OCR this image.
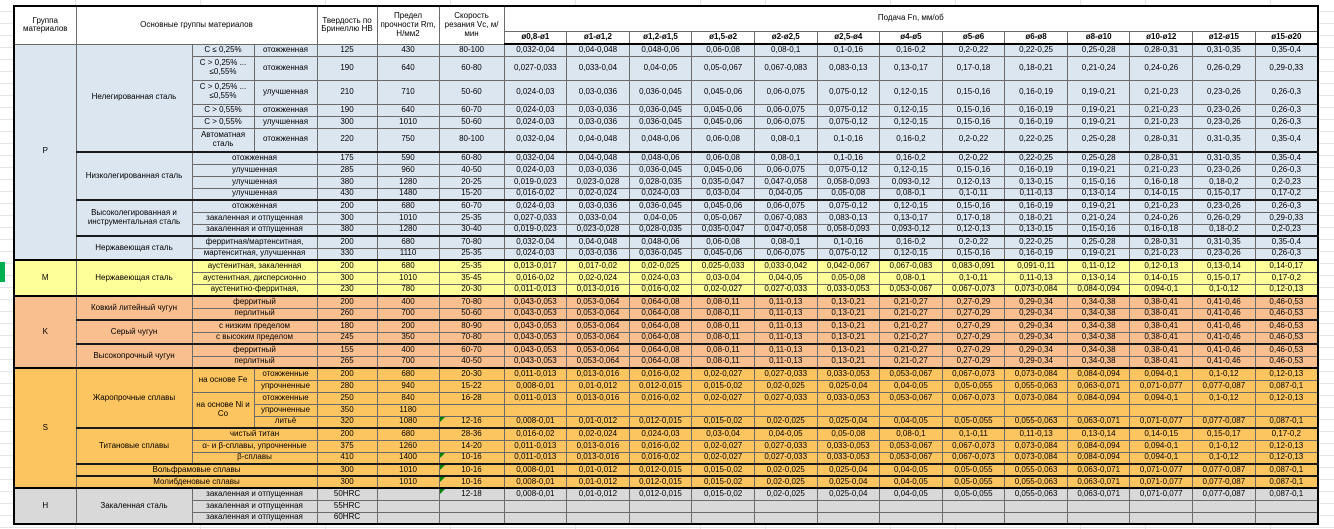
Группа материалов	Основные группы материалов			Твердость по Бринеллю HB	Предел прочности Rm, Н/мм2	Скорость резания Vc, м/мин	Подача Fn, мм/об												
							ø0,8-ø1	ø1-ø1,2	ø1,2-ø1,5	ø1,5-ø2	ø2-ø2,5	ø2,5-ø4	ø4-ø5	ø5-ø6	ø6-ø8	ø8-ø10	ø10-ø12	ø12-ø15	ø15-ø20
P	Нелегированная сталь	C ≤ 0,25%	отожженная	125	430	80-100	0,032-0,04	0,04-0,048	0,048-0,06	0,06-0,08	0,08-0,1	0,1-0,16	0,16-0,2	0,2-0,22	0,22-0,25	0,25-0,28	0,28-0,31	0,31-0,35	0,35-0,4
		C > 0,25% ... ≤0,55%	отожженная	190	640	60-80	0,027-0,033	0,033-0,04	0,04-0,05	0,05-0,067	0,067-0,083	0,083-0,13	0,13-0,17	0,17-0,18	0,18-0,21	0,21-0,24	0,24-0,26	0,26-0,29	0,29-0,33
		C > 0,25% ... ≤0,55%	улучшенная	210	710	50-60	0,024-0,03	0,03-0,036	0,036-0,045	0,045-0,06	0,06-0,075	0,075-0,12	0,12-0,15	0,15-0,16	0,16-0,19	0,19-0,21	0,21-0,23	0,23-0,26	0,26-0,3
		C > 0,55%	отожженная	190	640	60-70	0,024-0,03	0,03-0,036	0,036-0,045	0,045-0,06	0,06-0,075	0,075-0,12	0,12-0,15	0,15-0,16	0,16-0,19	0,19-0,21	0,21-0,23	0,23-0,26	0,26-0,3
		C > 0,55%	улучшенная	300	1010	50-60	0,024-0,03	0,03-0,036	0,036-0,045	0,045-0,06	0,06-0,075	0,075-0,12	0,12-0,15	0,15-0,16	0,16-0,19	0,19-0,21	0,21-0,23	0,23-0,26	0,26-0,3
		Автоматная сталь	отожженная	220	750	80-100	0,032-0,04	0,04-0,048	0,048-0,06	0,06-0,08	0,08-0,1	0,1-0,16	0,16-0,2	0,2-0,22	0,22-0,25	0,25-0,28	0,28-0,31	0,31-0,35	0,35-0,4
	Низколегированная сталь	отожженная		175	590	60-80	0,032-0,04	0,04-0,048	0,048-0,06	0,06-0,08	0,08-0,1	0,1-0,16	0,16-0,2	0,2-0,22	0,22-0,25	0,25-0,28	0,28-0,31	0,31-0,35	0,35-0,4
		улучшенная		285	960	40-50	0,024-0,03	0,03-0,036	0,036-0,045	0,045-0,06	0,06-0,075	0,075-0,12	0,12-0,15	0,15-0,16	0,16-0,19	0,19-0,21	0,21-0,23	0,23-0,26	0,26-0,3
		улучшенная		380	1280	20-25	0,019-0,023	0,023-0,028	0,028-0,035	0,035-0,047	0,047-0,058	0,058-0,093	0,093-0,12	0,12-0,13	0,13-0,15	0,15-0,16	0,16-0,18	0,18-0,2	0,2-0,23
		улучшенная		430	1480	15-20	0,016-0,02	0,02-0,024	0,024-0,03	0,03-0,04	0,04-0,05	0,05-0,08	0,08-0,1	0,1-0,11	0,11-0,13	0,13-0,14	0,14-0,15	0,15-0,17	0,17-0,2
	Высоколегированная и инструментальная сталь	отожженная		200	680	60-70	0,024-0,03	0,03-0,036	0,036-0,045	0,045-0,06	0,06-0,075	0,075-0,12	0,12-0,15	0,15-0,16	0,16-0,19	0,19-0,21	0,21-0,23	0,23-0,26	0,26-0,3
		закаленная и отпущенная		300	1010	25-35	0,027-0,033	0,033-0,04	0,04-0,05	0,05-0,067	0,067-0,083	0,083-0,13	0,13-0,17	0,17-0,18	0,18-0,21	0,21-0,24	0,24-0,26	0,26-0,29	0,29-0,33
		закаленная и отпущенная		380	1280	30-40	0,019-0,023	0,023-0,028	0,028-0,035	0,035-0,047	0,047-0,058	0,058-0,093	0,093-0,12	0,12-0,13	0,13-0,15	0,15-0,16	0,16-0,18	0,18-0,2	0,2-0,23
	Нержавеющая сталь	ферритная/мартенситная,		200	680	70-80	0,032-0,04	0,04-0,048	0,048-0,06	0,06-0,08	0,08-0,1	0,1-0,16	0,16-0,2	0,2-0,22	0,22-0,25	0,25-0,28	0,28-0,31	0,31-0,35	0,35-0,4
		мартенситная, улучшенная		330	1110	25-35	0,024-0,03	0,03-0,036	0,036-0,045	0,045-0,06	0,06-0,075	0,075-0,12	0,12-0,15	0,15-0,16	0,16-0,19	0,19-0,21	0,21-0,23	0,23-0,26	0,26-0,3
M	Нержавеющая сталь	аустенитная, закаленная		200	680	25-35	0,013-0,017	0,017-0,02	0,02-0,025	0,025-0,033	0,033-0,042	0,042-0,067	0,067-0,083	0,083-0,091	0,091-0,11	0,11-0,12	0,12-0,13	0,13-0,14	0,14-0,17
		аустенитная, дисперсионно		300	1010	35-45	0,016-0,02	0,02-0,024	0,024-0,03	0,03-0,04	0,04-0,05	0,05-0,08	0,08-0,1	0,1-0,11	0,11-0,13	0,13-0,14	0,14-0,15	0,15-0,17	0,17-0,2
		аустенитно-ферритная,		230	780	20-30	0,011-0,013	0,013-0,016	0,016-0,02	0,02-0,027	0,027-0,033	0,033-0,053	0,053-0,067	0,067-0,073	0,073-0,084	0,084-0,094	0,094-0,1	0,1-0,12	0,12-0,13
K	Ковкий литейный чугун	ферритный		200	400	70-80	0,043-0,053	0,053-0,064	0,064-0,08	0,08-0,11	0,11-0,13	0,13-0,21	0,21-0,27	0,27-0,29	0,29-0,34	0,34-0,38	0,38-0,41	0,41-0,46	0,46-0,53
		перлитный		260	700	50-60	0,043-0,053	0,053-0,064	0,064-0,08	0,08-0,11	0,11-0,13	0,13-0,21	0,21-0,27	0,27-0,29	0,29-0,34	0,34-0,38	0,38-0,41	0,41-0,46	0,46-0,53
	Серый чугун	с низким пределом		180	200	80-90	0,043-0,053	0,053-0,064	0,064-0,08	0,08-0,11	0,11-0,13	0,13-0,21	0,21-0,27	0,27-0,29	0,29-0,34	0,34-0,38	0,38-0,41	0,41-0,46	0,46-0,53
		с высоким пределом		245	350	70-80	0,043-0,053	0,053-0,064	0,064-0,08	0,08-0,11	0,11-0,13	0,13-0,21	0,21-0,27	0,27-0,29	0,29-0,34	0,34-0,38	0,38-0,41	0,41-0,46	0,46-0,53
	Высокопрочный чугун	ферритный		155	400	60-70	0,043-0,053	0,053-0,064	0,064-0,08	0,08-0,11	0,11-0,13	0,13-0,21	0,21-0,27	0,27-0,29	0,29-0,34	0,34-0,38	0,38-0,41	0,41-0,46	0,46-0,53
		перлитный		265	700	40-50	0,043-0,053	0,053-0,064	0,064-0,08	0,08-0,11	0,11-0,13	0,13-0,21	0,21-0,27	0,27-0,29	0,29-0,34	0,34-0,38	0,38-0,41	0,41-0,46	0,46-0,53
S	Жаропрочные сплавы	на основе Fe	отожженные	200	680	20-30	0,011-0,013	0,013-0,016	0,016-0,02	0,02-0,027	0,027-0,033	0,033-0,053	0,053-0,067	0,067-0,073	0,073-0,084	0,084-0,094	0,094-0,1	0,1-0,12	0,12-0,13
			упрочненные	280	940	15-22	0,008-0,01	0,01-0,012	0,012-0,015	0,015-0,02	0,02-0,025	0,025-0,04	0,04-0,05	0,05-0,055	0,055-0,063	0,063-0,071	0,071-0,077	0,077-0,087	0,087-0,1
		на основе Ni и Со	отожженные	250	840	16-28	0,011-0,013	0,013-0,016	0,016-0,02	0,02-0,027	0,027-0,033	0,033-0,053	0,053-0,067	0,067-0,073	0,073-0,084	0,084-0,094	0,094-0,1	0,1-0,12	0,12-0,13
			упрочненные	350	1180														
			литьё	320	1080	12-16	0,008-0,01	0,01-0,012	0,012-0,015	0,015-0,02	0,02-0,025	0,025-0,04	0,04-0,05	0,05-0,055	0,055-0,063	0,063-0,071	0,071-0,077	0,077-0,087	0,087-0,1
	Титановые сплавы	чистый титан		200	680	28-36	0,016-0,02	0,02-0,024	0,024-0,03	0,03-0,04	0,04-0,05	0,05-0,08	0,08-0,1	0,1-0,11	0,11-0,13	0,13-0,14	0,14-0,15	0,15-0,17	0,17-0,2
		α- и β-сплавы, упрочненные		375	1260	14-20	0,011-0,013	0,013-0,016	0,016-0,02	0,02-0,027	0,027-0,033	0,033-0,053	0,053-0,067	0,067-0,073	0,073-0,084	0,084-0,094	0,094-0,1	0,1-0,12	0,12-0,13
		β-сплавы		410	1400	10-16	0,011-0,013	0,013-0,016	0,016-0,02	0,02-0,027	0,027-0,033	0,033-0,053	0,053-0,067	0,067-0,073	0,073-0,084	0,084-0,094	0,094-0,1	0,1-0,12	0,12-0,13
	Вольфрамовые сплавы			300	1010	10-16	0,008-0,01	0,01-0,012	0,012-0,015	0,015-0,02	0,02-0,025	0,025-0,04	0,04-0,05	0,05-0,055	0,055-0,063	0,063-0,071	0,071-0,077	0,077-0,087	0,087-0,1
	Молибденовые сплавы			300	1010	10-16	0,008-0,01	0,01-0,012	0,012-0,015	0,015-0,02	0,02-0,025	0,025-0,04	0,04-0,05	0,05-0,055	0,055-0,063	0,063-0,071	0,071-0,077	0,077-0,087	0,087-0,1
H	Закаленная сталь	закаленная и отпущенная		50HRC		12-18	0,008-0,01	0,01-0,012	0,012-0,015	0,015-0,02	0,02-0,025	0,025-0,04	0,04-0,05	0,05-0,055	0,055-0,063	0,063-0,071	0,071-0,077	0,077-0,087	0,087-0,1
		закаленная и отпущенная		55HRC															
		закаленная и отпущенная		60HRC															
